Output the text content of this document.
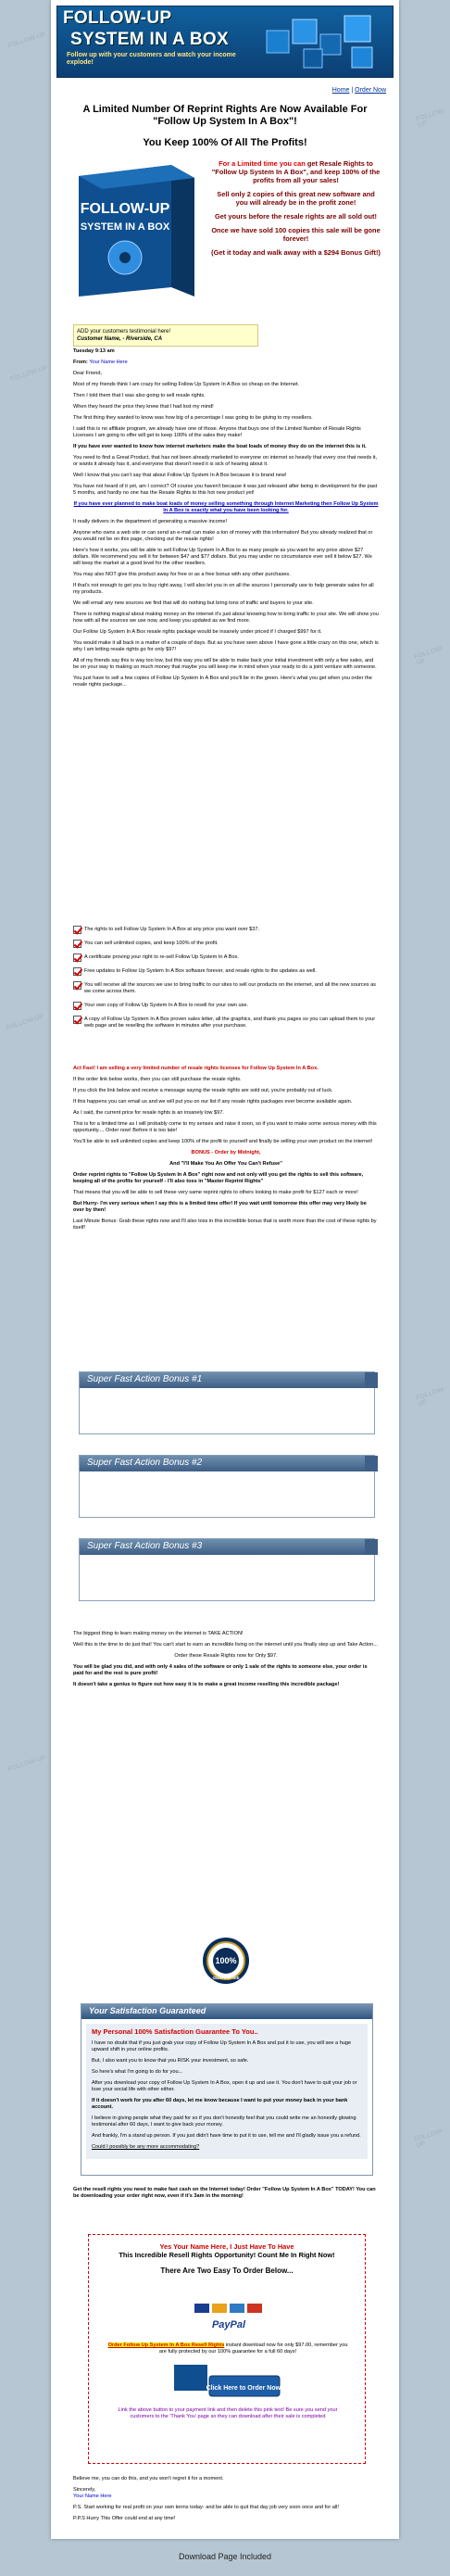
FOLLOW-UP
FOLLOW-UP
FOLLOW-UP
FOLLOW-UP
FOLLOW-UP
FOLLOW-UP
FOLLOW-UP
FOLLOW-UP
FOLLOW-UP
SYSTEM IN A BOX
Follow up with your customers and watch your income explode!
Home | Order Now
A Limited Number Of Reprint Rights Are Now Available For "Follow Up System In A Box"!
You Keep 100% Of All The Profits!
FOLLOW-UP
SYSTEM IN A BOX

For a Limited time you can get Resale Rights to "Follow Up System In A Box", and keep 100% of the profits from all your sales!

Sell only 2 copies of this great new software and you will already be in the profit zone!

Get yours before the resale rights are all sold out!

Once we have sold 100 copies this sale will be gone forever!

(Get it today and walk away with a $294 Bonus Gift!)

ADD your customers testimonial here!
Customer Name, - Riverside, CA

Tuesday 9:13 am

From: Your Name Here

Dear Friend,

Most of my friends think I am crazy for selling Follow Up System In A Box so cheap on the Internet.

Then I told them that I was also going to sell resale rights.

When they heard the price they knew that I had lost my mind!

The first thing they wanted to know was how big of a percentage I was going to be giving to my resellers.

I said this is no affiliate program, we already have one of those. Anyone that buys one of the Limited Number of Resale Rights Licenses I am going to offer will get to keep 100% of the sales they make!

If you have ever wanted to know how internet marketers make the boat loads of money they do on the internet this is it.

You need to find a Great Product, that has not been already marketed to everyone on internet so heavily that every one that needs it, or wants it already has it, and everyone that doesn't need it is sick of hearing about it.

Well I know that you can't say that about Follow Up System In A Box because it is brand new!

You have not heard of it yet, am I correct? Of course you haven't because it was just released after being in development for the past 5 months, and hardly no one has the Resale Rights to this hot new product yet!

If you have ever planned to make boat loads of money selling something through Internet Marketing then Follow Up System In A Box is exactly what you have been looking for.

It really delivers in the department of generating a massive income!

Anyone who owns a web site or can send an e-mail can make a ton of money with this information! But you already realized that or you would not be on this page, checking out the resale rights!

Here's how it works, you will be able to sell Follow Up System In A Box to as many people as you want for any price above $27 dollars. We recommend you sell it for between $47 and $77 dollars. But you may under no circumstance ever sell it below $27. We will keep the market at a good level for the other resellers.

You may also NOT give this product away for free or as a free bonus with any other purchases.

If that's not enough to get you to buy right away, I will also let you in on all the sources I personally use to help generate sales for all my products.

We will email any new sources we find that will do nothing but bring tons of traffic and buyers to your site.

There is nothing magical about making money on the internet it's just about knowing how to bring traffic to your site. We will show you how with all the sources we use now, and keep you updated as we find more.

Our Follow Up System In A Box resale rights package would be insanely under priced if I charged $997 for it.

You would make it all back in a matter of a couple of days. But as you have seen above I have gone a little crazy on this one, which is why I am letting resale rights go for only $97!

All of my friends say this is way too low, but this way you will be able to make back your initial investment with only a few sales, and be on your way to making so much money that maybe you will keep me in mind when your ready to do a joint venture with someone.

You just have to sell a few copies of Follow Up System In A Box and you'll be in the green. Here's what you get when you order the resale rights package...

The rights to sell Follow Up System In A Box at any price you want over $37.
You can sell unlimited copies, and keep 100% of the profit.
A certificate proving your right to re-sell Follow Up System In A Box.
Free updates to Follow Up System In A Box software forever, and resale rights to the updates as well.
You will receive all the sources we use to bring traffic to our sites to sell our products on the internet, and all the new sources as we come across them.
Your own copy of Follow Up System In A Box to resell for your own use.
A copy of Follow Up System In A Box proven sales letter, all the graphics, and thank you pages so you can upload them to your web page and be reselling the software in minutes after your purchase.

Act Fast! I am selling a very limited number of resale rights licenses for Follow Up System In A Box.

If the order link below works, then you can still purchase the resale rights.

If you click the link below and receive a message saying the resale rights are sold out, you're probably out of luck.

If this happens you can email us and we will put you on our list if any resale rights packages ever become available again.

As I said, the current price for resale rights is an insanely low $97.

This is for a limited time as I will probably come to my senses and raise it soon, so if you want to make some serious money with this opportunity.... Order now! Before it is too late!

You'll be able to sell unlimited copies and keep 100% of the profit to yourself and finally be selling your own product on the internet!

BONUS - Order by Midnight,

And "I'll Make You An Offer You Can't Refuse"

Order reprint rights to "Follow Up System In A Box" right now and not only will you get the rights to sell this software, keeping all of the profits for yourself - I'll also toss in "Master Reprint Rights"

That means that you will be able to sell these very same reprint rights to others looking to make profit for $127 each or more!

But Hurry- I'm very serious when I say this is a limited time offer! If you wait until tomorrow this offer may very likely be over by then!

Last Minute Bonus: Grab these rights now and I'll also toss in this incredible bonus that is worth more than the cost of these rights by itself!

Super Fast Action Bonus #1
Super Fast Action Bonus #2
Super Fast Action Bonus #3

The biggest thing to learn making money on the internet is TAKE ACTION!

Well this is the time to do just that! You can't start to earn an incredible living on the internet until you finally step up and Take Action...

Order these Resale Rights now for Only $97.

You will be glad you did, and with only 4 sales of the software or only 1 sale of the rights to someone else, your order is paid for and the rest is pure profit!

It doesn't take a genius to figure out how easy it is to make a great income reselling this incredible package!

100%
GUARANTEE
Your Satisfaction Guaranteed
My Personal 100% Satisfaction Guarantee To You..

I have no doubt that if you just grab your copy of Follow Up System In A Box and put it to use, you will see a huge upward shift in your online profits.

But, I also want you to know that you RISK your investment, so safe.

So here's what I'm going to do for you...

After you download your copy of Follow Up System In A Box, open it up and use it. You don't have to quit your job or lose your social life with other either.

If it doesn't work for you after 60 days, let me know because I want to put your money back in your bank account.

I believe in giving people what they paid for so if you don't honestly feel that you could write me an honestly glowing testimonial after 60 days, I want to give back your money.

And frankly, I'm a stand up person. If you just didn't have time to put it to use, tell me and I'll gladly issue you a refund.

Could I possibly be any more accommodating?

Get the resell rights you need to make fast cash on the Internet today! Order "Follow Up System In A Box" TODAY! You can be downloading your order right now, even if it's 3am in the morning!

Yes Your Name Here, I Just Have To Have
This Incredible Resell Rights Opportunity! Count Me In Right Now!
There Are Two Easy To Order Below...
PayPal
Order Follow Up System In A Box Resell Rights instant download now for only $97.00, remember you are fully protected by our 100% guarantee for a full 60 days!
Click Here to Order Now!
Link the above button to your payment link and then delete this pink text! Be sure you send your customers to the 'Thank You' page so they can download after their sale is completed

Believe me, you can do this, and you won't regret it for a moment.

Sincerely,

Your Name Here

P.S. Start working for real profit on your own terms today- and be able to quit that day job very soon once and for all!

P.P.S Hurry This Offer could end at any time!

Download Page Included
